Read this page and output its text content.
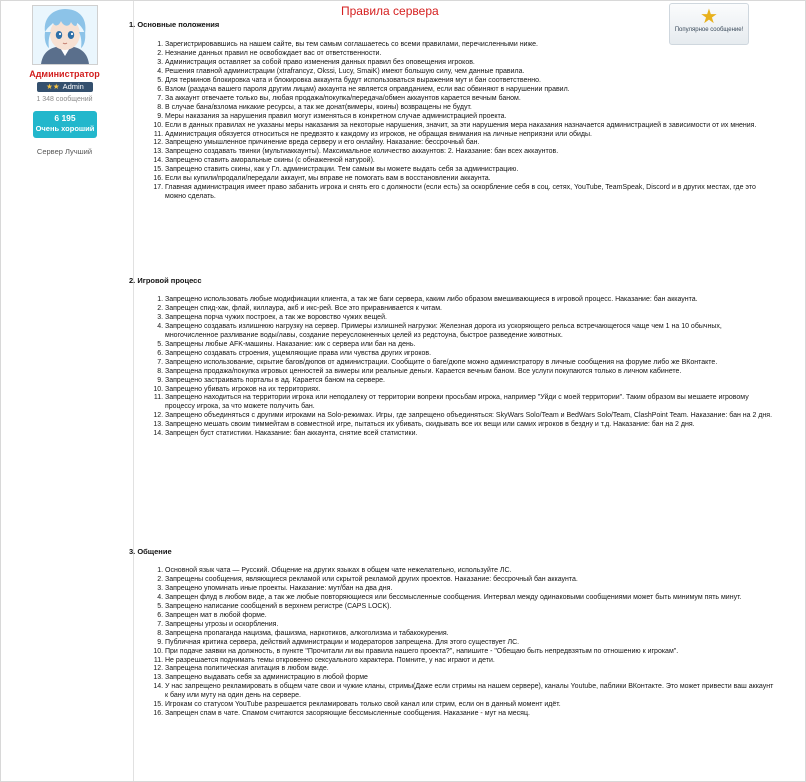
Администратор
★★ Admin
1 348 сообщений
6 195
Очень хороший
Сервер Лучший
Правила сервера	★
Популярное сообщение!
1. Основные положения
1. Зарегистрировавшись на нашем сайте, вы тем самым соглашаетесь со всеми правилами, перечисленными ниже.
2. Незнание данных правил не освобождает вас от ответственности.
3. Администрация оставляет за собой право изменения данных правил без оповещения игроков.
4. Решения главной администрации (xtrafrancyz, Okssi, Lucy, SmaiK) имеют большую силу, чем данные правила.
5. Для терминов блокировка чата и блокировка аккаунта будут использоваться выражения мут и бан соответственно.
6. Взлом (раздача вашего пароля другим лицам) аккаунта не является оправданием, если вас обвиняют в нарушении правил.
7. За аккаунт отвечаете только вы, любая продажа/покупка/передача/обмен аккаунтов карается вечным баном.
8. В случае бана/взлома никакие ресурсы, а так же донат(вимеры, коины) возвращены не будут.
9. Меры наказания за нарушения правил могут изменяться в конкретном случае администрацией проекта.
10. Если в данных правилах не указаны меры наказания за некоторые нарушения, значит, за эти нарушения мера наказания назначается администрацией в зависимости от их мнения.
11. Администрация обязуется относиться не предвзято к каждому из игроков, не обращая внимания на личные неприязни или обиды.
12. Запрещено умышленное причинение вреда серверу и его онлайну. Наказание: бессрочный бан.
13. Запрещено создавать твинки (мультиаккаунты). Максимальное количество аккаунтов: 2. Наказание: бан всех аккаунтов.
14. Запрещено ставить аморальные скины (с обнаженной натурой).
15. Запрещено ставить скины, как у Гл. администрации. Тем самым вы можете выдать себя за администрацию.
16. Если вы купили/продали/передали аккаунт, мы вправе не помогать вам в восстановлении аккаунта.
17. Главная администрация имеет право забанить игрока и снять его с должности (если есть) за оскорбление себя в соц. сетях, YouTube, TeamSpeak, Discord и в других местах, где это можно сделать.
2. Игровой процесс
1. Запрещено использовать любые модификации клиента, а так же баги сервера, каким либо образом вмешивающиеся в игровой процесс. Наказание: бан аккаунта.
2. Запрещен спид-хак, флай, киллаура, акб и икс-рей. Все это приравнивается к читам.
3. Запрещена порча чужих построек, а так же воровство чужих вещей.
4. Запрещено создавать излишнюю нагрузку на сервер. Примеры излишней нагрузки: Железная дорога из ускоряющего рельса встречающегося чаще чем 1 на 10 обычных, многочисленное разливание воды/лавы, создание переусложненных целей из редстоуна, быстрое разведение животных.
5. Запрещены любые AFK-машины. Наказание: кик с сервера или бан на день.
6. Запрещено создавать строения, ущемляющие права или чувства других игроков.
7. Запрещено использование, скрытие багов/дюпов от администрации. Сообщите о баге/дюпе можно администратору в личные сообщения на форуме либо же ВКонтакте.
8. Запрещена продажа/покупка игровых ценностей за вимеры или реальные деньги. Карается вечным баном. Все услуги покупаются только в личном кабинете.
9. Запрещено застраивать порталы в ад. Карается баном на сервере.
10. Запрещено убивать игроков на их территориях.
11. Запрещено находиться на территории игрока или неподалеку от территории вопреки просьбам игрока, например "Уйди с моей территории". Таким образом вы мешаете игровому процессу игрока, за что можете получить бан.
12. Запрещено объединяться с другими игроками на Solo-режимах. Игры, где запрещено объединяться: SkyWars Solo/Team и BedWars Solo/Team, ClashPoint Team. Наказание: бан на 2 дня.
13. Запрещено мешать своим тиммейтам в совместной игре, пытаться их убивать, скидывать все их вещи или самих игроков в бездну и т.д. Наказание: бан на 2 дня.
14. Запрещен буст статистики. Наказание: бан аккаунта, снятие всей статистики.
3. Общение
1. Основной язык чата — Русский. Общение на других языках в общем чате нежелательно, используйте ЛС.
2. Запрещены сообщения, являющиеся рекламой или скрытой рекламой других проектов. Наказание: бессрочный бан аккаунта.
3. Запрещено упоминать иные проекты. Наказание: мут/бан на два дня.
4. Запрещен флуд в любом виде, а так же любые повторяющиеся или бессмысленные сообщения. Интервал между одинаковыми сообщениями может быть минимум пять минут.
5. Запрещено написание сообщений в верхнем регистре (CAPS LOCK).
6. Запрещен мат в любой форме.
7. Запрещены угрозы и оскорбления.
8. Запрещена пропаганда нацизма, фашизма, наркотиков, алкоголизма и табакокурения.
9. Публичная критика сервера, действий администрации и модераторов запрещена. Для этого существует ЛС.
10. При подаче заявки на должность, в пункте "Прочитали ли вы правила нашего проекта?", напишите - "Обещаю быть непредвзятым по отношению к игрокам".
11. Не разрешается поднимать темы откровенно сексуального характера. Помните, у нас играют и дети.
12. Запрещена политическая агитация в любом виде.
13. Запрещено выдавать себя за администрацию в любой форме
14. У нас запрещено рекламировать в общем чате свои и чужие кланы, стримы(Даже если стримы на нашем сервере), каналы Youtube, паблики ВКонтакте. Это может привести ваш аккаунт к бану или муту на один день на сервере.
15. Игрокам со статусом YouTube разрешается рекламировать только свой канал или стрим, если он в данный момент идёт.
16. Запрещен спам в чате. Спамом считаются засоряющие бессмысленные сообщения. Наказание - мут на месяц.
